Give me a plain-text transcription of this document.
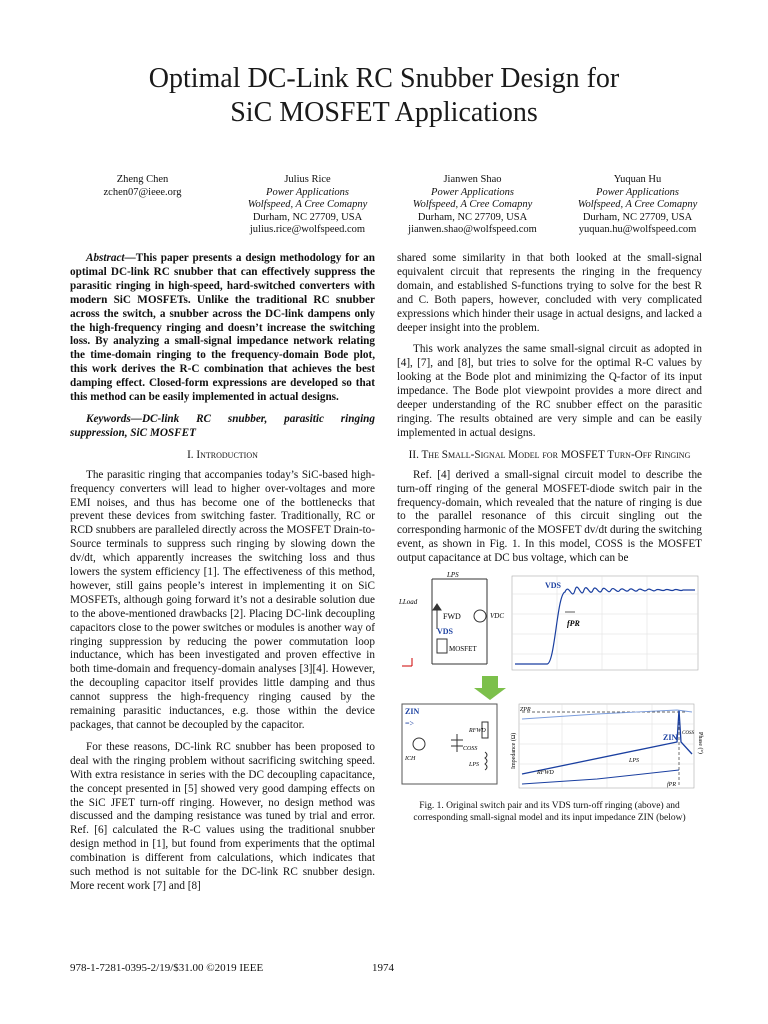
Optimal DC-Link RC Snubber Design for
SiC MOSFET Applications
Zheng Chen
zchen07@ieee.org
Julius Rice
Power Applications
Wolfspeed, A Cree Comapny
Durham, NC 27709, USA
julius.rice@wolfspeed.com
Jianwen Shao
Power Applications
Wolfspeed, A Cree Comapny
Durham, NC 27709, USA
jianwen.shao@wolfspeed.com
Yuquan Hu
Power Applications
Wolfspeed, A Cree Comapny
Durham, NC 27709, USA
yuquan.hu@wolfspeed.com

Abstract—This paper presents a design methodology for an optimal DC-link RC snubber that can effectively suppress the parasitic ringing in high-speed, hard-switched converters with modern SiC MOSFETs. Unlike the traditional RC snubber across the switch, a snubber across the DC-link dampens only the high-frequency ringing and doesn’t increase the switching loss. By analyzing a small-signal impedance network relating the time-domain ringing to the frequency-domain Bode plot, this work derives the R-C combination that achieves the best damping effect. Closed-form expressions are developed so that this method can be easily implemented in actual designs.

Keywords—DC-link RC snubber, parasitic ringing suppression, SiC MOSFET

I. Introduction

The parasitic ringing that accompanies today’s SiC-based high-frequency converters will lead to higher over-voltages and more EMI noises, and thus has become one of the bottlenecks that prevent these devices from switching faster. Traditionally, RC or RCD snubbers are paralleled directly across the MOSFET Drain-to-Source terminals to suppress such ringing by slowing down the dv/dt, which apparently increases the switching loss and thus lowers the system efficiency [1]. The effectiveness of this method, however, still gains people’s interest in implementing it on SiC MOSFETs, although going forward it’s not a desirable solution due to the above-mentioned drawbacks [2]. Placing DC-link decoupling capacitors close to the power switches or modules is another way of ringing suppression by reducing the power commutation loop inductance, which has been investigated and proven effective in both time-domain and frequency-domain analyses [3][4]. However, the decoupling capacitor itself provides little damping and thus cannot suppress the high-frequency ringing caused by the remaining parasitic inductances, e.g. those within the device packages, that cannot be decoupled by the capacitor.

For these reasons, DC-link RC snubber has been proposed to deal with the ringing problem without sacrificing switching speed. With extra resistance in series with the DC decoupling capacitance, the concept presented in [5] showed very good damping effects on the SiC JFET turn-off ringing. However, no design method was discussed and the damping resistance was tuned by trial and error. Ref. [6] calculated the R-C values using the traditional snubber design method in [1], but found from experiments that the optimal combination is different from calculations, which indicates that such method is not suitable for the DC-link RC snubber design. More recent work [7] and [8]

shared some similarity in that both looked at the small-signal equivalent circuit that represents the ringing in the frequency domain, and established S-functions trying to solve for the best R and C. Both papers, however, concluded with very complicated expressions which hinder their usage in actual designs, and lacked a deeper insight into the problem.

This work analyzes the same small-signal circuit as adopted in [4], [7], and [8], but tries to solve for the optimal R-C values by looking at the Bode plot and minimizing the Q-factor of its input impedance. The Bode plot viewpoint provides a more direct and deeper understanding of the RC snubber effect on the parasitic ringing. The results obtained are very simple and can be easily implemented in actual designs.

II. The Small-Signal Model for MOSFET Turn-Off Ringing

Ref. [4] derived a small-signal circuit model to describe the turn-off ringing of the general MOSFET-diode switch pair in the frequency-domain, which revealed that the nature of ringing is due to the parallel resonance of this circuit singling out the corresponding harmonic of the MOSFET dv/dt during the switching event, as shown in Fig. 1. In this model, COSS is the MOSFET output capacitance at DC bus voltage, which can be

LPS
LLoad
FWD	VDC
VDS
MOSFET
VDS
fPR
ZIN
=>
ICH
COSS
RFWD
LPS
ZPR
ZIN COSS
LPS
RFWD
fPR
Impedance (Ω)	Phase (°)
Fig. 1. Original switch pair and its VDS turn-off ringing (above) and corresponding small-signal model and its input impedance ZIN (below)
978-1-7281-0395-2/19/$31.00 ©2019 IEEE	1974
